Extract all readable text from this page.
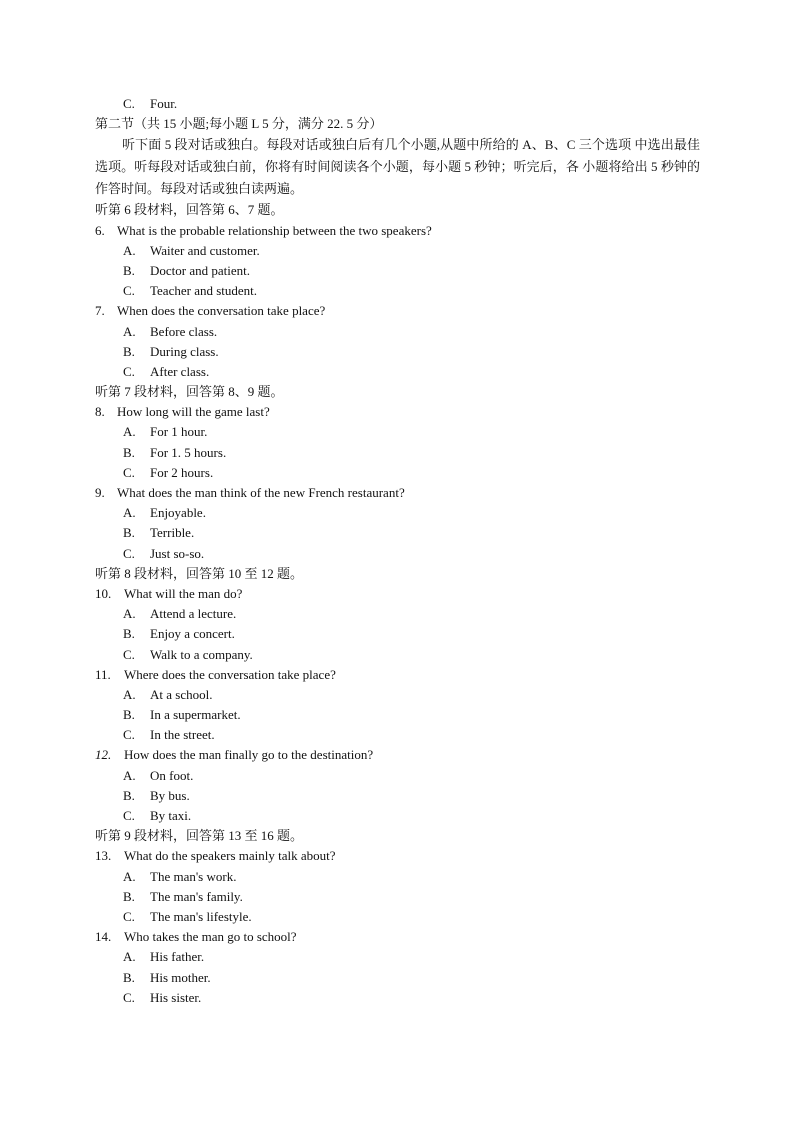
C. Four.
第二节（共 15 小题;每小题 L 5 分，满分 22. 5 分）

听下面 5 段对话或独白。每段对话或独白后有几个小题,从题中所给的 A、B、C 三个选项 中选出最佳选项。听每段对话或独白前，你将有时间阅读各个小题，每小题 5 秒钟；听完后，各 小题将给出 5 秒钟的作答时间。每段对话或独白读两遍。

听第 6 段材料，回答第 6、7 题。
6. What is the probable relationship between the two speakers?
A. Waiter and customer.
B. Doctor and patient.
C. Teacher and student.
7. When does the conversation take place?
A. Before class.
B. During class.
C. After class.
听第 7 段材料，回答第 8、9 题。
8. How long will the game last?
A. For 1 hour.
B. For 1. 5 hours.
C. For 2 hours.
9. What does the man think of the new French restaurant?
A. Enjoyable.
B. Terrible.
C. Just so-so.
听第 8 段材料，回答第 10 至 12 题。
10. What will the man do?
A. Attend a lecture.
B. Enjoy a concert.
C. Walk to a company.
11. Where does the conversation take place?
A. At a school.
B. In a supermarket.
C. In the street.
12. How does the man finally go to the destination?
A. On foot.
B. By bus.
C. By taxi.
听第 9 段材料，回答第 13 至 16 题。
13. What do the speakers mainly talk about?
A. The man's work.
B. The man's family.
C. The man's lifestyle.
14. Who takes the man go to school?
A. His father.
B. His mother.
C. His sister.
